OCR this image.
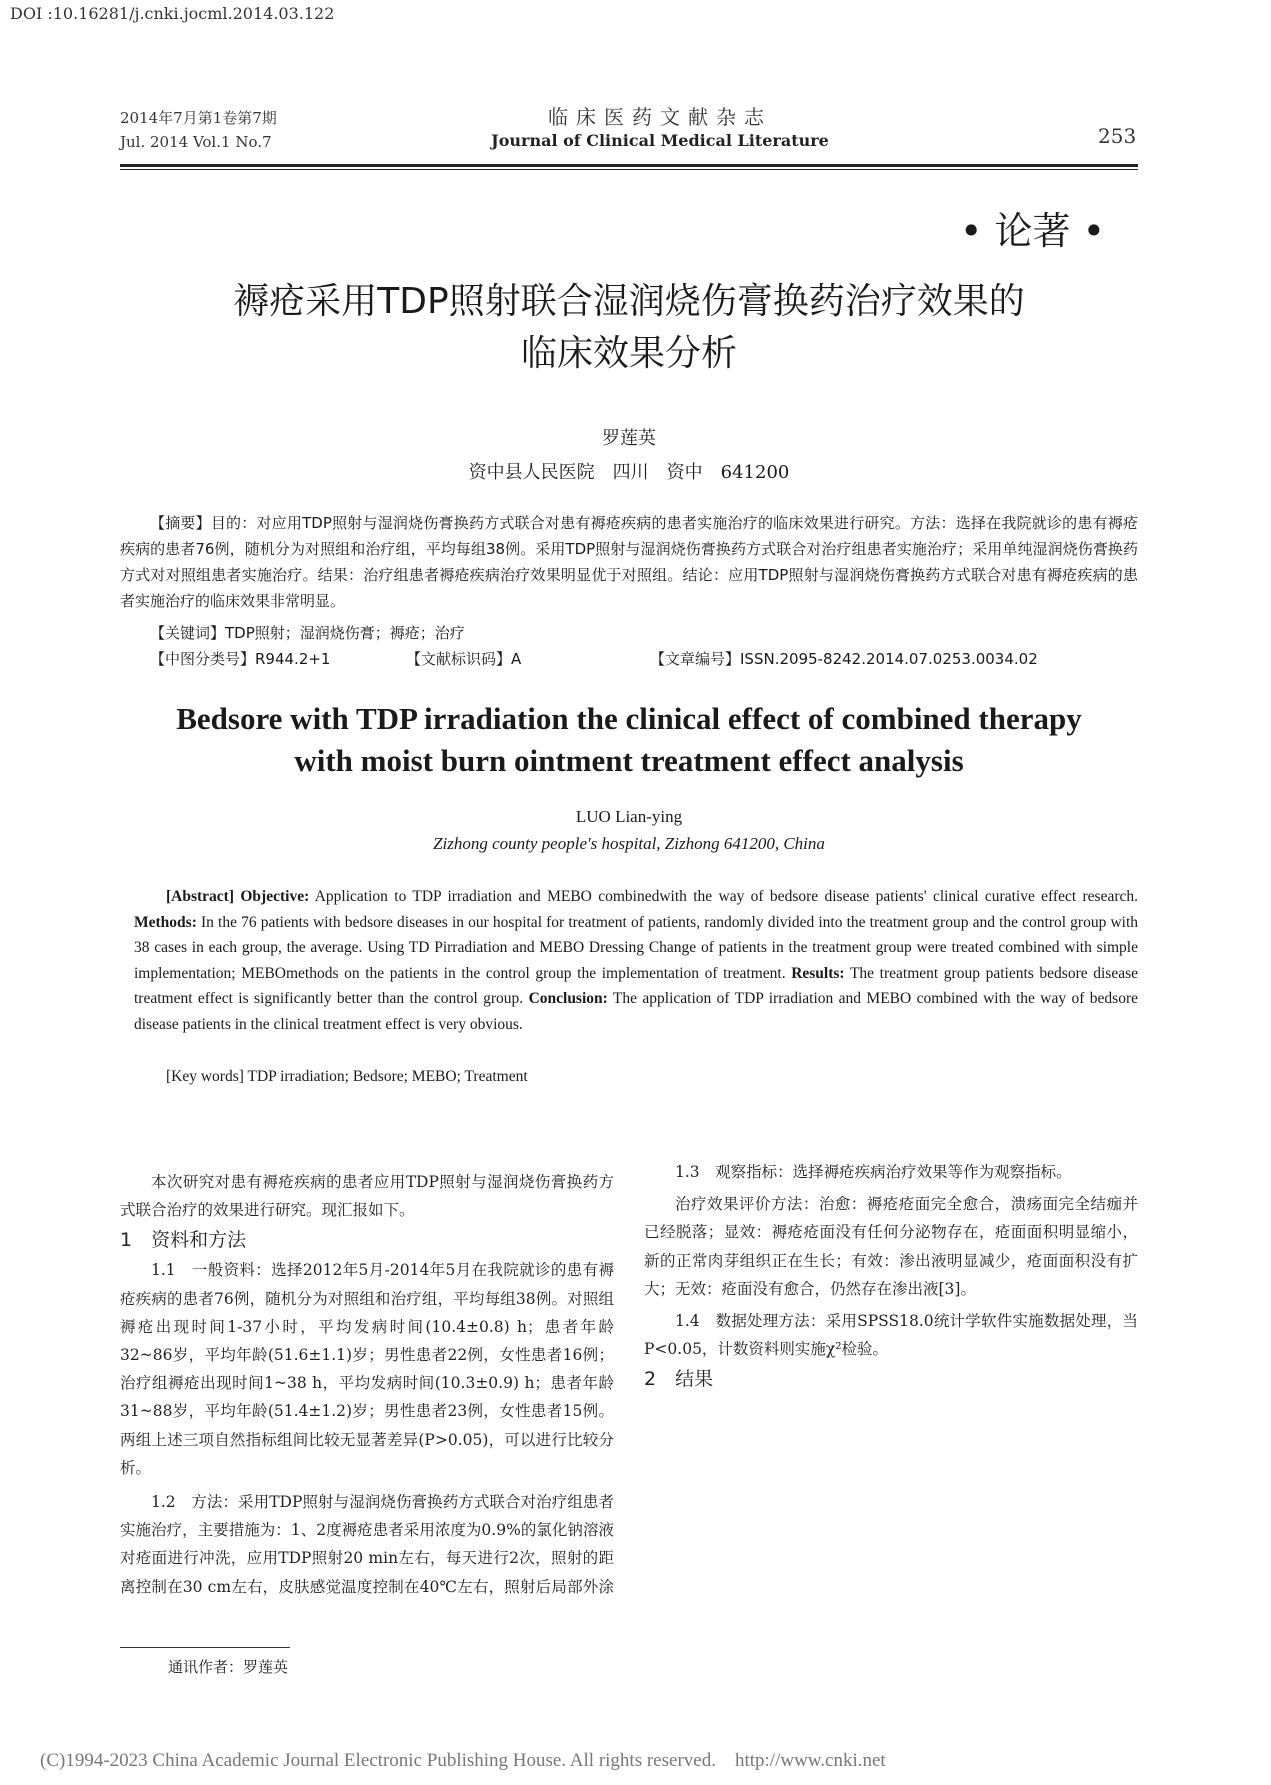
DOI :10.16281/j.cnki.jocml.2014.03.122
2014年7月第1卷第7期
Jul. 2014 Vol.1 No.7
临床医药文献杂志
Journal of Clinical Medical Literature	253
• 论著 •
褥疮采用TDP照射联合湿润烧伤膏换药治疗效果的
临床效果分析
罗莲英
资中县人民医院　四川　资中　641200
【摘要】目的：对应用TDP照射与湿润烧伤膏换药方式联合对患有褥疮疾病的患者实施治疗的临床效果进行研究。方法：选择在我院就诊的患有褥疮疾病的患者76例，随机分为对照组和治疗组，平均每组38例。采用TDP照射与湿润烧伤膏换药方式联合对治疗组患者实施治疗；采用单纯湿润烧伤膏换药方式对对照组患者实施治疗。结果：治疗组患者褥疮疾病治疗效果明显优于对照组。结论：应用TDP照射与湿润烧伤膏换药方式联合对患有褥疮疾病的患者实施治疗的临床效果非常明显。
【关键词】TDP照射；湿润烧伤膏；褥疮；治疗
【中图分类号】R944.2+1	【文献标识码】A	【文章编号】ISSN.2095-8242.2014.07.0253.0034.02
Bedsore with TDP irradiation the clinical effect of combined therapy
with moist burn ointment treatment effect analysis
LUO Lian-ying
Zizhong county people's hospital, Zizhong 641200, China
[Abstract] Objective: Application to TDP irradiation and MEBO combinedwith the way of bedsore disease patients' clinical curative effect research. Methods: In the 76 patients with bedsore diseases in our hospital for treatment of patients, randomly divided into the treatment group and the control group with 38 cases in each group, the average. Using TD Pirradiation and MEBO Dressing Change of patients in the treatment group were treated combined with simple implementation; MEBOmethods on the patients in the control group the implementation of treatment. Results: The treatment group patients bedsore disease treatment effect is significantly better than the control group. Conclusion: The application of TDP irradiation and MEBO combined with the way of bedsore disease patients in the clinical treatment effect is very obvious.
[Key words] TDP irradiation; Bedsore; MEBO; Treatment

本次研究对患有褥疮疾病的患者应用TDP照射与湿润烧伤膏换药方式联合治疗的效果进行研究。现汇报如下。

1　资料和方法

1.1　一般资料：选择2012年5月-2014年5月在我院就诊的患有褥疮疾病的患者76例，随机分为对照组和治疗组，平均每组38例。对照组褥疮出现时间1-37小时，平均发病时间(10.4±0.8) h；患者年龄32~86岁，平均年龄(51.6±1.1)岁；男性患者22例，女性患者16例；治疗组褥疮出现时间1~38 h，平均发病时间(10.3±0.9) h；患者年龄31~88岁，平均年龄(51.4±1.2)岁；男性患者23例，女性患者15例。两组上述三项自然指标组间比较无显著差异(P>0.05)，可以进行比较分析。

1.2　方法：采用TDP照射与湿润烧伤膏换药方式联合对治疗组患者实施治疗，主要措施为：1、2度褥疮患者采用浓度为0.9%的氯化钠溶液对疮面进行冲洗，应用TDP照射20 min左右，每天进行2次，照射的距离控制在30 cm左右，皮肤感觉温度控制在40℃左右，照射后局部外涂

1.3　观察指标：选择褥疮疾病治疗效果等作为观察指标。

治疗效果评价方法：治愈：褥疮疮面完全愈合，溃疡面完全结痂并已经脱落；显效：褥疮疮面没有任何分泌物存在，疮面面积明显缩小，新的正常肉芽组织正在生长；有效：渗出液明显减少，疮面面积没有扩大；无效：疮面没有愈合，仍然存在渗出液[3]。

1.4　数据处理方法：采用SPSS18.0统计学软件实施数据处理，当P<0.05，计数资料则实施χ²检验。

2　结果
通讯作者：罗莲英
(C)1994-2023 China Academic Journal Electronic Publishing House. All rights reserved.　http://www.cnki.net
